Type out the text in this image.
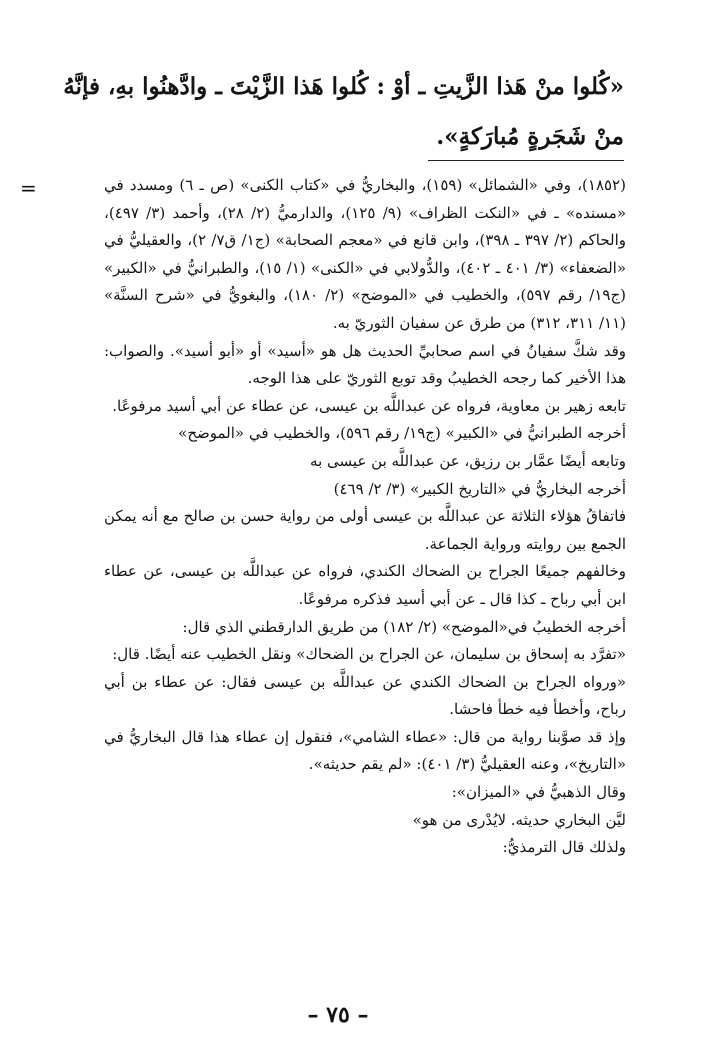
«كُلوا منْ هَذا الزَّيتِ ـ أوْ : كُلوا هَذا الزَّيْتَ ـ وادَّهنُوا بهِ، فإنَّهُ منْ شَجَرةٍ مُبارَكةٍ».

=	(١٨٥٢)، وفي «الشمائل» (١٥٩)، والبخاريُّ في «كتاب الكنى» (ص ـ ٦) ومسدد في «مسنده» ـ في «النكت الظراف» (٩/ ١٢٥)، والدارميُّ (٢/ ٢٨)، وأحمد (٣/ ٤٩٧)، والحاكم (٢/ ٣٩٧ ـ ٣٩٨)، وابن قانع في «معجم الصحابة» (ج١/ ق٧/ ٢)، والعقيليُّ في «الضعفاء» (٣/ ٤٠١ ـ ٤٠٢)، والدُّولابي في «الكنى» (١/ ١٥)، والطبرانيُّ في «الكبير» (ج١٩/ رقم ٥٩٧)، والخطيب في «الموضح» (٢/ ١٨٠)، والبغويُّ في «شرح السنَّة» (١١/ ٣١١، ٣١٢) من طرق عن سفيان الثوريّ به.

وقد شكَّ سفيانُ في اسم صحابيِّ الحديث هل هو «أسيد» أو «أبو أسيد». والصواب: هذا الأخير كما رجحه الخطيبُ وقد توبع الثوريّ على هذا الوجه.

تابعه زهير بن معاوية، فرواه عن عبداللَّه بن عيسى، عن عطاء عن أبي أسيد مرفوعًا.

أخرجه الطبرانيُّ في «الكبير» (ج١٩/ رقم ٥٩٦)، والخطيب في «الموضح»

وتابعه أيضًا عمَّار بن رزيق، عن عبداللَّه بن عيسى به

أخرجه البخاريُّ في «التاريخ الكبير» (٣/ ٢/ ٤٦٩)

فاتفاقُ هؤلاء الثلاثة عن عبداللَّه بن عيسى أولى من رواية حسن بن صالح مع أنه يمكن الجمع بين روايته ورواية الجماعة.

وخالفهم جميعًا الجراح بن الضحاك الكندي، فرواه عن عبداللَّه بن عيسى، عن عطاء ابن أبي رباح ـ كذا قال ـ عن أبي أسيد فذكره مرفوعًا.

أخرجه الخطيبُ في«الموضح» (٢/ ١٨٢) من طريق الدارقطني الذي قال:

«تفرَّد به إسحاق بن سليمان، عن الجراح بن الضحاك» ونقل الخطيب عنه أيضًا. قال:

«ورواه الجراح بن الضحاك الكندي عن عبداللَّه بن عيسى فقال: عن عطاء بن أبي رباح، وأخطأ فيه خطأ فاحشا.

وإذ قد صوَّبنا رواية من قال: «عطاء الشامي»، فنقول إن عطاء هذا قال البخاريُّ في «التاريخ»، وعنه العقيليُّ (٣/ ٤٠١): «لم يقم حديثه».

وقال الذهبيُّ في «الميزان»:

ليَّن البخاري حديثه. لايُدْرى من هو»

ولذلك قال الترمذيُّ:

– ٧٥ –
